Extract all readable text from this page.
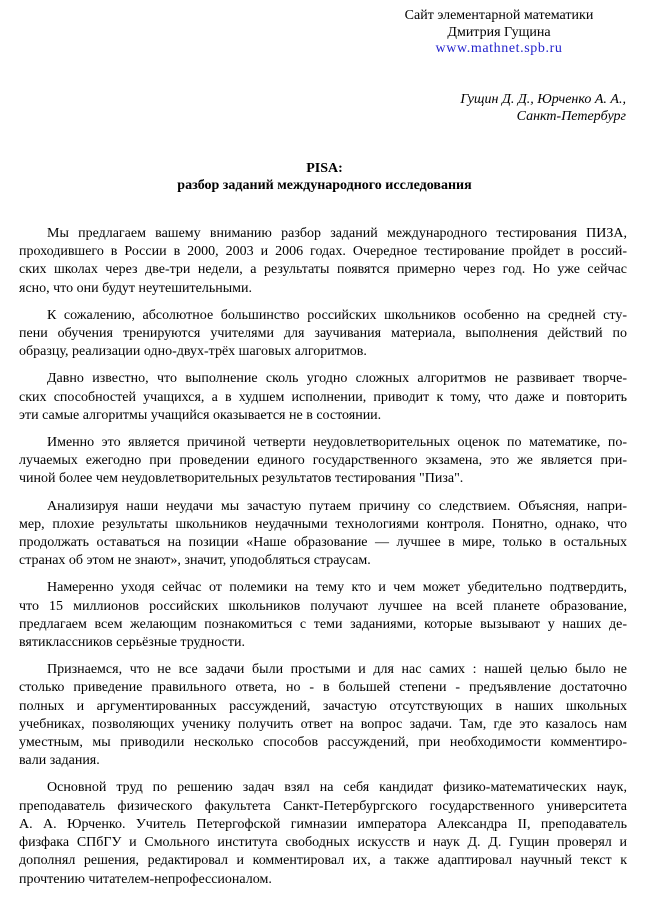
Сайт элементарной математики
Дмитрия Гущина
www.mathnet.spb.ru
Гущин Д. Д., Юрченко А. А.,
Санкт-Петербург
PISA:
разбор заданий международного исследования
Мы предлагаем вашему вниманию разбор заданий международного тестирования ПИЗА,
проходившего в России в 2000, 2003 и 2006 годах. Очередное тестирование пройдет в россий-
ских школах через две-три недели, а результаты появятся примерно через год. Но уже сейчас
ясно, что они будут неутешительными.
К сожалению, абсолютное большинство российских школьников особенно на средней сту-
пени обучения тренируются учителями для заучивания материала, выполнения действий по
образцу, реализации одно-двух-трёх шаговых алгоритмов.
Давно известно, что выполнение сколь угодно сложных алгоритмов не развивает творче-
ских способностей учащихся, а в худшем исполнении, приводит к тому, что даже и повторить
эти самые алгоритмы учащийся оказывается не в состоянии.
Именно это является причиной четверти неудовлетворительных оценок по математике, по-
лучаемых ежегодно при проведении единого государственного экзамена, это же является при-
чиной более чем неудовлетворительных результатов тестирования "Пиза".
Анализируя наши неудачи мы зачастую путаем причину со следствием. Объясняя, напри-
мер, плохие результаты школьников неудачными технологиями контроля. Понятно, однако, что
продолжать оставаться на позиции «Наше образование — лучшее в мире, только в остальных
странах об этом не знают», значит, уподобляться страусам.
Намеренно уходя сейчас от полемики на тему кто и чем может убедительно подтвердить,
что 15 миллионов российских школьников получают лучшее на всей планете образование,
предлагаем всем желающим познакомиться с теми заданиями, которые вызывают у наших де-
вятиклассников серьёзные трудности.
Признаемся, что не все задачи были простыми и для нас самих : нашей целью было не
столько приведение правильного ответа, но - в большей степени - предъявление достаточно
полных и аргументированных рассуждений, зачастую отсутствующих в наших школьных
учебниках, позволяющих ученику получить ответ на вопрос задачи. Там, где это казалось нам
уместным, мы приводили несколько способов рассуждений, при необходимости комментиро-
вали задания.
Основной труд по решению задач взял на себя кандидат физико-математических наук,
преподаватель физического факультета Санкт-Петербургского государственного университета
А. А. Юрченко. Учитель Петергофской гимназии императора Александра II, преподаватель
физфака СПбГУ и Смольного института свободных искусств и наук Д. Д. Гущин проверял и
дополнял решения, редактировал и комментировал их, а также адаптировал научный текст к
прочтению читателем-непрофессионалом.
